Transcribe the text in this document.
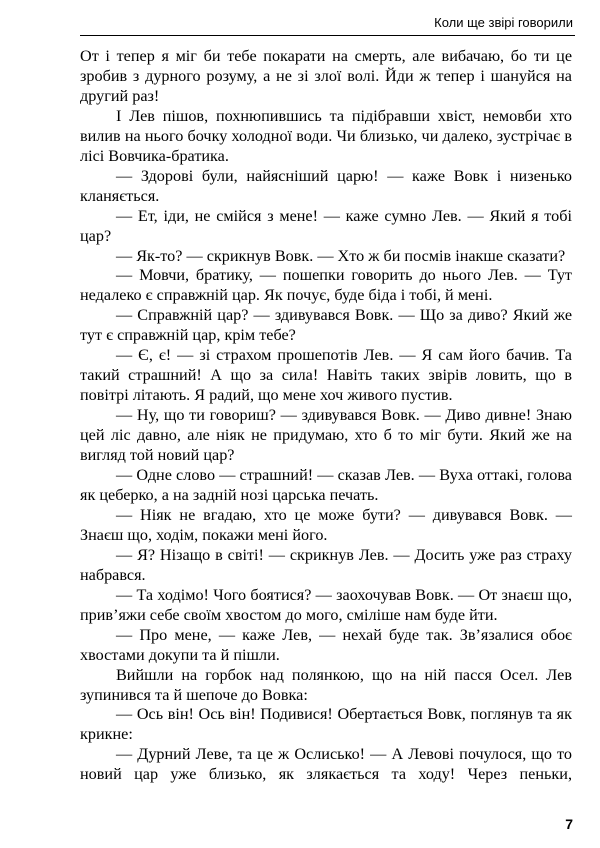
Коли ще звірі говорили

От і тепер я міг би тебе покарати на смерть, але вибачаю, бо ти це зробив з дурного розуму, а не зі злої волі. Йди ж тепер і шануйся на другий раз!

І Лев пішов, похнюпившись та підібравши хвіст, немовби хто вилив на нього бочку холодної води. Чи близько, чи далеко, зустрічає в лісі Вовчика-братика.

— Здорові були, найясніший царю! — каже Вовк і низенько кланяється.

— Ет, іди, не смійся з мене! — каже сумно Лев. — Який я тобі цар?

— Як-то? — скрикнув Вовк. — Хто ж би посмів інакше сказати?

— Мовчи, братику, — пошепки говорить до нього Лев. — Тут недалеко є справжній цар. Як почує, буде біда і тобі, й мені.

— Справжній цар? — здивувався Вовк. — Що за диво? Який же тут є справжній цар, крім тебе?

— Є, є! — зі страхом прошепотів Лев. — Я сам його бачив. Та такий страшний! А що за сила! Навіть таких звірів ловить, що в повітрі літають. Я радий, що мене хоч живого пустив.

— Ну, що ти говориш? — здивувався Вовк. — Диво дивне! Знаю цей ліс давно, але ніяк не придумаю, хто б то міг бути. Який же на вигляд той новий цар?

— Одне слово — страшний! — сказав Лев. — Вуха оттакі, голова як цеберко, а на задній нозі царська печать.

— Ніяк не вгадаю, хто це може бути? — дивувався Вовк. — Знаєш що, ходім, покажи мені його.

— Я? Нізащо в світі! — скрикнув Лев. — Досить уже раз страху набрався.

— Та ходімо! Чого боятися? — заохочував Вовк. — От знаєш що, прив’яжи себе своїм хвостом до мого, сміліше нам буде йти.

— Про мене, — каже Лев, — нехай буде так. Зв’язалися обоє хвостами докупи та й пішли.

Вийшли на горбок над полянкою, що на ній пасся Осел. Лев зупинився та й шепоче до Вовка:

— Ось він! Ось він! Подивися! Обертається Вовк, поглянув та як крикне:

— Дурний Леве, та це ж Ослисько! — А Левові почулося, що то новий цар уже близько, як злякається та ходу! Через пеньки,

7
